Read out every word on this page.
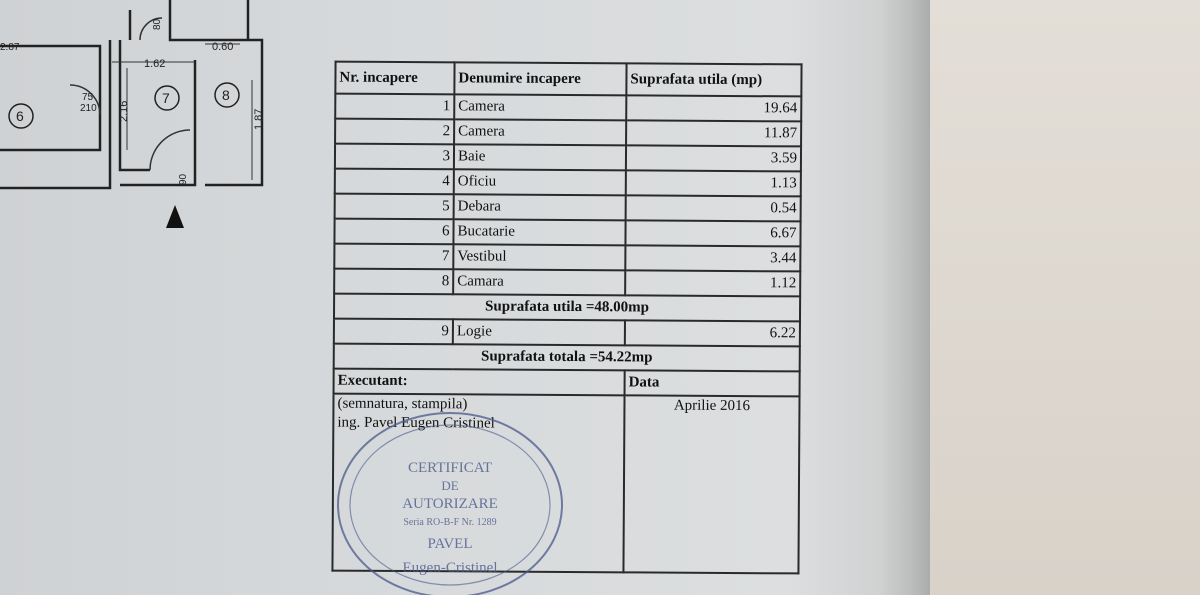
2.87	0.60
1.62
2.16	1.87
80
90
75
210
6
7	8
Nr. incapere	Denumire incapere	Suprafata utila (mp)
1	Camera	19.64
2	Camera	11.87
3	Baie	3.59
4	Oficiu	1.13
5	Debara	0.54
6	Bucatarie	6.67
7	Vestibul	3.44
8	Camara	1.12
Suprafata utila =48.00mp		
9	Logie	6.22
Suprafata totala =54.22mp		
Executant:		Data

(semnatura, stampila)
ing. Pavel Eugen Cristinel		Aprilie 2016
CERTIFICAT
DE
AUTORIZARE
Seria RO-B-F Nr. 1289
PAVEL
Eugen-Cristinel
